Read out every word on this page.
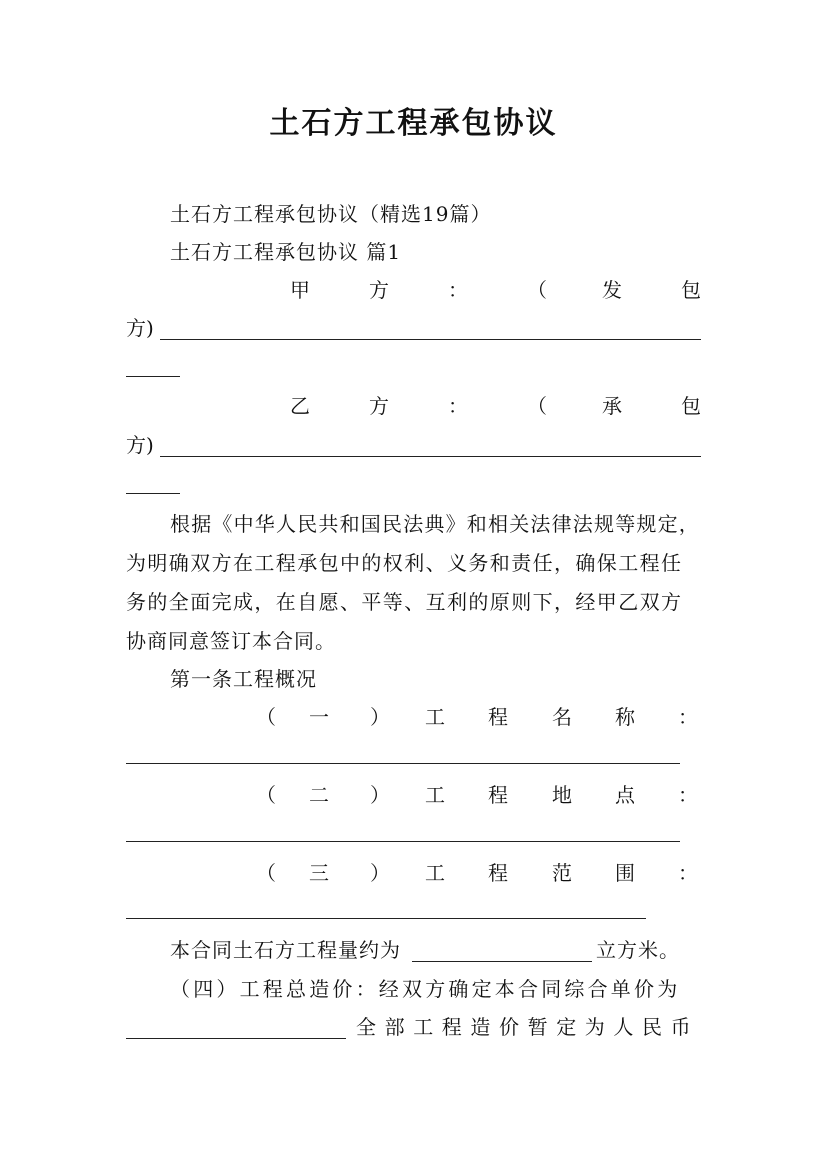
土石方工程承包协议
土石方工程承包协议（精选19篇）
土石方工程承包协议 篇1
甲	方	：	（	发	包
方)
乙	方	：	（	承	包
方)
根据《中华人民共和国民法典》和相关法律法规等规定，
为明确双方在工程承包中的权利、义务和责任，确保工程任
务的全面完成，在自愿、平等、互利的原则下，经甲乙双方
协商同意签订本合同。
第一条工程概况
（ 一 ） 工 程 名 称 ：
（ 二 ） 工 程 地 点 ：
（ 三 ） 工 程 范 围 ：
本合同土石方工程量约为	立方米。
（四）工程总造价：经双方确定本合同综合单价为
全部工程造价暂定为人民币
